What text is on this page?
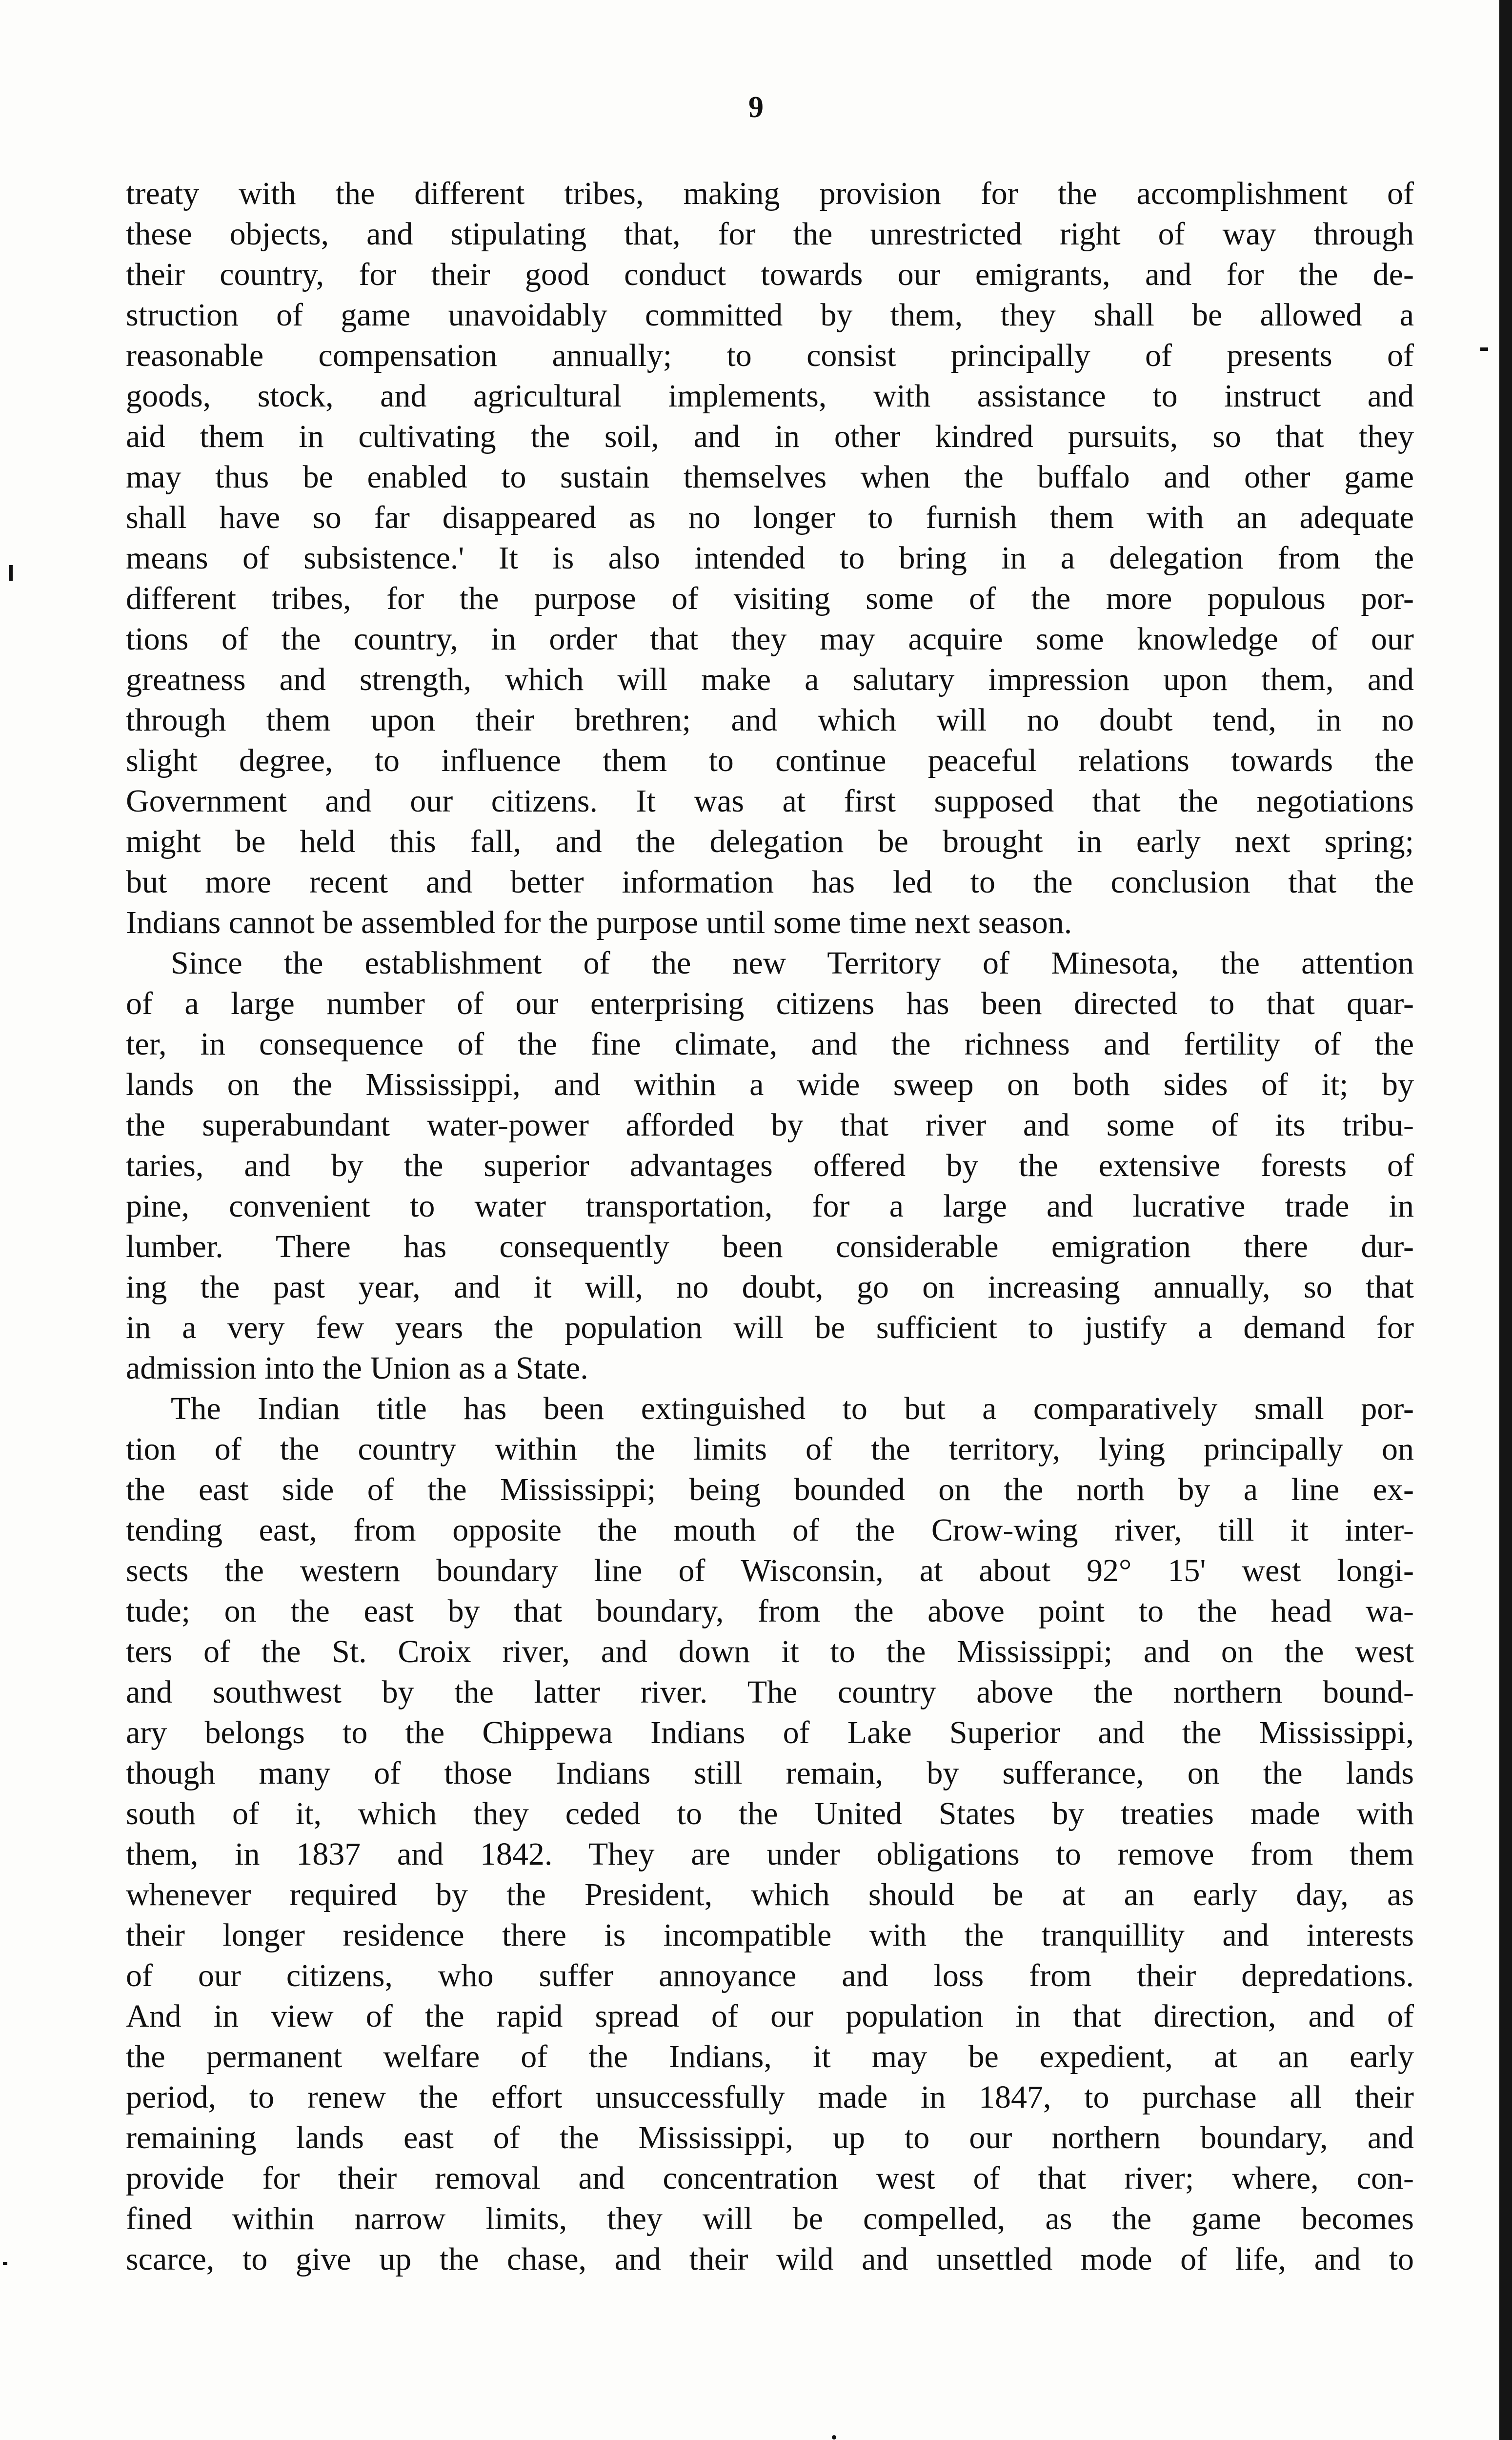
9
treaty with the different tribes, making provision for the accomplishment of
these objects, and stipulating that, for the unrestricted right of way through
their country, for their good conduct towards our emigrants, and for the de-
struction of game unavoidably committed by them, they shall be allowed a
reasonable compensation annually; to consist principally of presents of
goods, stock, and agricultural implements, with assistance to instruct and
aid them in cultivating the soil, and in other kindred pursuits, so that they
may thus be enabled to sustain themselves when the buffalo and other game
shall have so far disappeared as no longer to furnish them with an adequate
means of subsistence.' It is also intended to bring in a delegation from the
different tribes, for the purpose of visiting some of the more populous por-
tions of the country, in order that they may acquire some knowledge of our
greatness and strength, which will make a salutary impression upon them, and
through them upon their brethren; and which will no doubt tend, in no
slight degree, to influence them to continue peaceful relations towards the
Government and our citizens. It was at first supposed that the negotiations
might be held this fall, and the delegation be brought in early next spring;
but more recent and better information has led to the conclusion that the
Indians cannot be assembled for the purpose until some time next season.
Since the establishment of the new Territory of Minesota, the attention
of a large number of our enterprising citizens has been directed to that quar-
ter, in consequence of the fine climate, and the richness and fertility of the
lands on the Mississippi, and within a wide sweep on both sides of it; by
the superabundant water-power afforded by that river and some of its tribu-
taries, and by the superior advantages offered by the extensive forests of
pine, convenient to water transportation, for a large and lucrative trade in
lumber. There has consequently been considerable emigration there dur-
ing the past year, and it will, no doubt, go on increasing annually, so that
in a very few years the population will be sufficient to justify a demand for
admission into the Union as a State.
The Indian title has been extinguished to but a comparatively small por-
tion of the country within the limits of the territory, lying principally on
the east side of the Mississippi; being bounded on the north by a line ex-
tending east, from opposite the mouth of the Crow-wing river, till it inter-
sects the western boundary line of Wisconsin, at about 92° 15' west longi-
tude; on the east by that boundary, from the above point to the head wa-
ters of the St. Croix river, and down it to the Mississippi; and on the west
and southwest by the latter river. The country above the northern bound-
ary belongs to the Chippewa Indians of Lake Superior and the Mississippi,
though many of those Indians still remain, by sufferance, on the lands
south of it, which they ceded to the United States by treaties made with
them, in 1837 and 1842. They are under obligations to remove from them
whenever required by the President, which should be at an early day, as
their longer residence there is incompatible with the tranquillity and interests
of our citizens, who suffer annoyance and loss from their depredations.
And in view of the rapid spread of our population in that direction, and of
the permanent welfare of the Indians, it may be expedient, at an early
period, to renew the effort unsuccessfully made in 1847, to purchase all their
remaining lands east of the Mississippi, up to our northern boundary, and
provide for their removal and concentration west of that river; where, con-
fined within narrow limits, they will be compelled, as the game becomes
scarce, to give up the chase, and their wild and unsettled mode of life, and to
